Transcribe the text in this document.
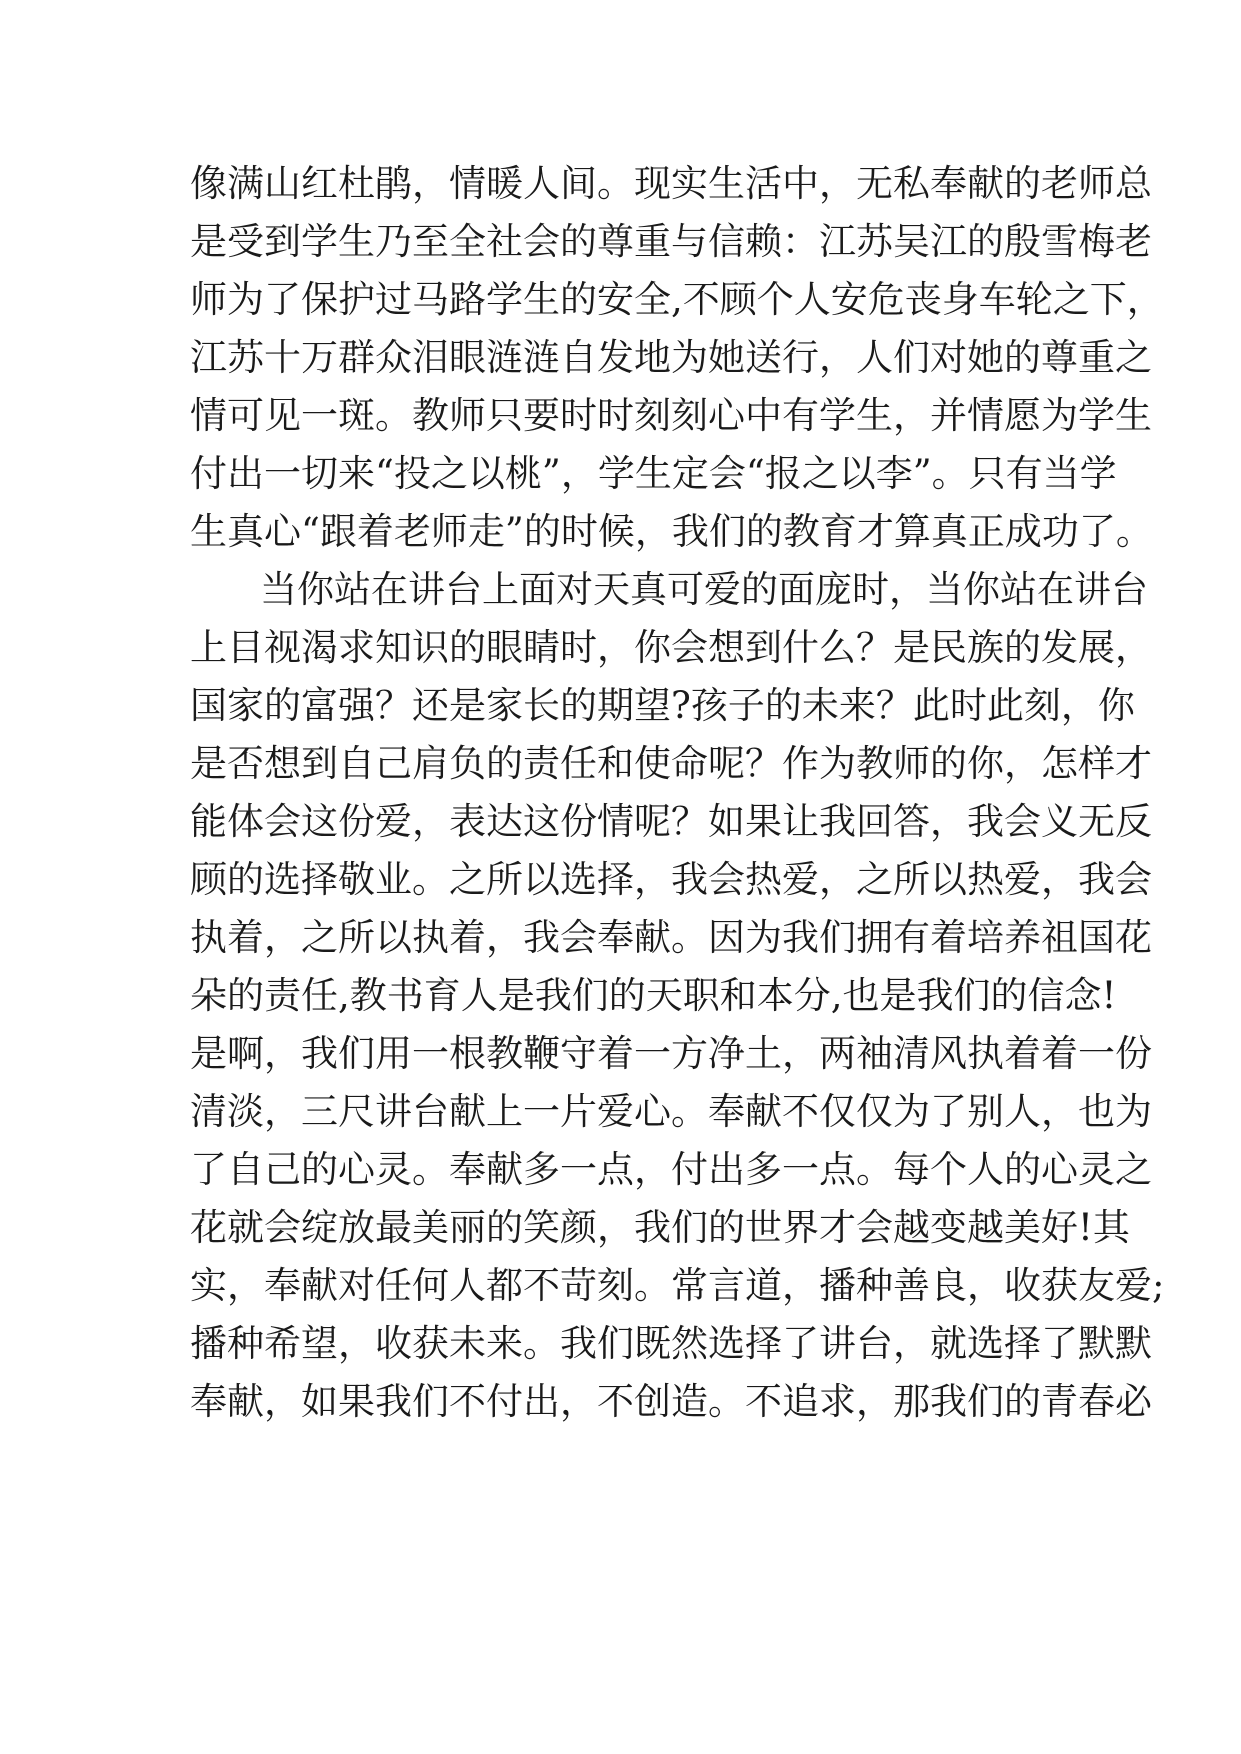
像满山红杜鹃，情暖人间。现实生活中，无私奉献的老师总
是受到学生乃至全社会的尊重与信赖：江苏吴江的殷雪梅老
师为了保护过马路学生的安全,不顾个人安危丧身车轮之下，
江苏十万群众泪眼涟涟自发地为她送行，人们对她的尊重之
情可见一斑。教师只要时时刻刻心中有学生，并情愿为学生
付出一切来“投之以桃”，学生定会“报之以李”。只有当学
生真心“跟着老师走”的时候，我们的教育才算真正成功了。
当你站在讲台上面对天真可爱的面庞时，当你站在讲台
上目视渴求知识的眼睛时，你会想到什么？是民族的发展，
国家的富强？还是家长的期望?孩子的未来？此时此刻，你
是否想到自己肩负的责任和使命呢？作为教师的你，怎样才
能体会这份爱，表达这份情呢？如果让我回答，我会义无反
顾的选择敬业。之所以选择，我会热爱，之所以热爱，我会
执着，之所以执着，我会奉献。因为我们拥有着培养祖国花
朵的责任,教书育人是我们的天职和本分,也是我们的信念!
是啊，我们用一根教鞭守着一方净土，两袖清风执着着一份
清淡，三尺讲台献上一片爱心。奉献不仅仅为了别人，也为
了自己的心灵。奉献多一点，付出多一点。每个人的心灵之
花就会绽放最美丽的笑颜，我们的世界才会越变越美好!其
实，奉献对任何人都不苛刻。常言道，播种善良，收获友爱;
播种希望，收获未来。我们既然选择了讲台，就选择了默默
奉献，如果我们不付出，不创造。不追求，那我们的青春必
